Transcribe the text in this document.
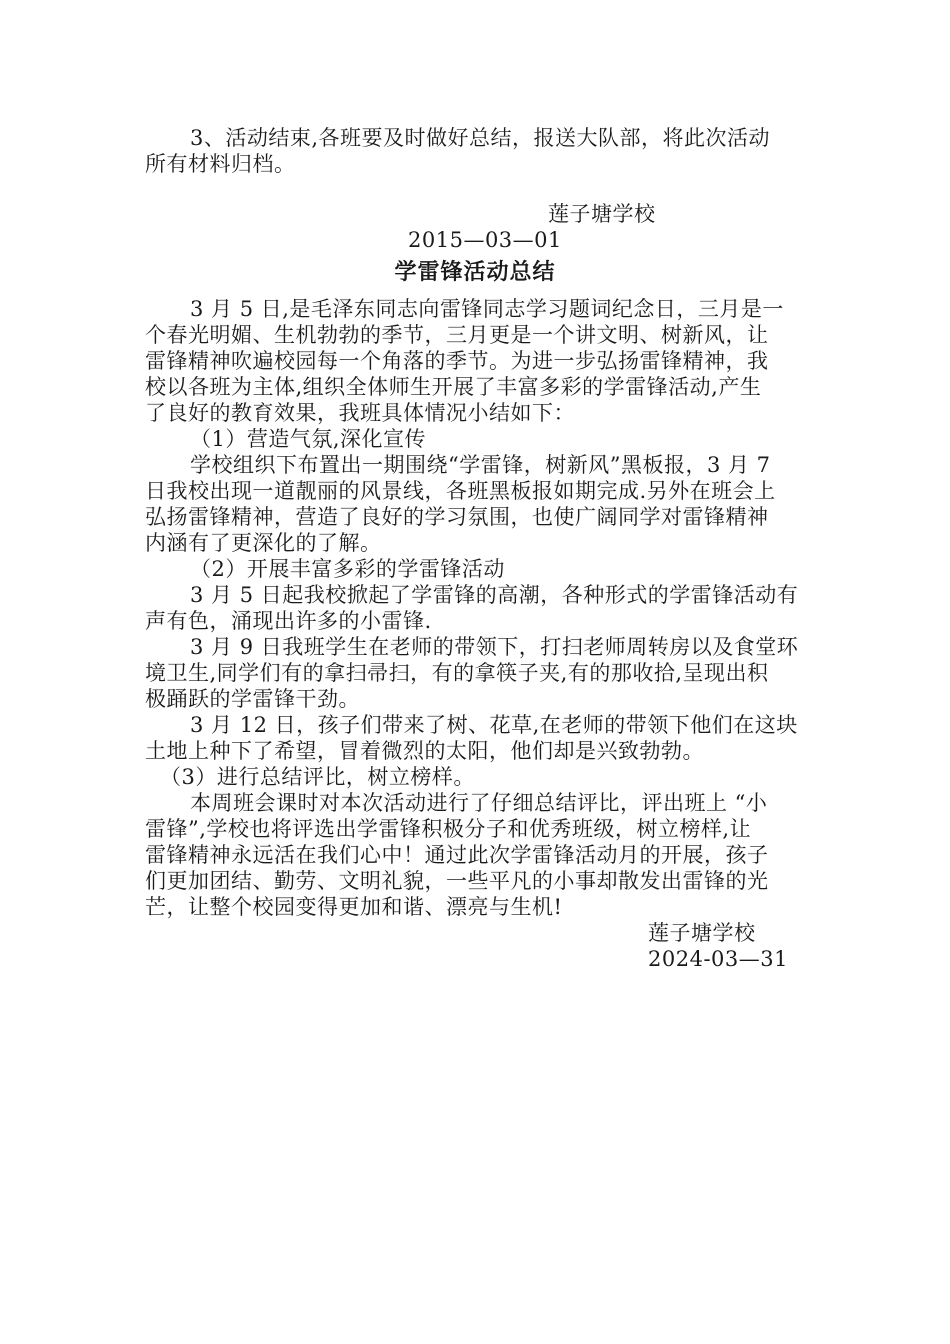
3、活动结束,各班要及时做好总结，报送大队部，将此次活动
所有材料归档。
莲子塘学校
2015—03—01
学雷锋活动总结
3 月 5 日,是毛泽东同志向雷锋同志学习题词纪念日，三月是一
个春光明媚、生机勃勃的季节，三月更是一个讲文明、树新风，让
雷锋精神吹遍校园每一个角落的季节。为进一步弘扬雷锋精神，我
校以各班为主体,组织全体师生开展了丰富多彩的学雷锋活动,产生
了良好的教育效果，我班具体情况小结如下：
（1）营造气氛,深化宣传
学校组织下布置出一期围绕“学雷锋，树新风”黑板报，3 月 7
日我校出现一道靓丽的风景线，各班黑板报如期完成.另外在班会上
弘扬雷锋精神，营造了良好的学习氛围，也使广阔同学对雷锋精神
内涵有了更深化的了解。
（2）开展丰富多彩的学雷锋活动
3 月 5 日起我校掀起了学雷锋的高潮，各种形式的学雷锋活动有
声有色，涌现出许多的小雷锋.
3 月 9 日我班学生在老师的带领下，打扫老师周转房以及食堂环
境卫生,同学们有的拿扫帚扫，有的拿筷子夹,有的那收拾,呈现出积
极踊跃的学雷锋干劲。
3 月 12 日，孩子们带来了树、花草,在老师的带领下他们在这块
土地上种下了希望，冒着微烈的太阳，他们却是兴致勃勃。
（3）进行总结评比，树立榜样。
本周班会课时对本次活动进行了仔细总结评比，评出班上 “小
雷锋”,学校也将评选出学雷锋积极分子和优秀班级，树立榜样,让
雷锋精神永远活在我们心中！通过此次学雷锋活动月的开展，孩子
们更加团结、勤劳、文明礼貌，一些平凡的小事却散发出雷锋的光
芒，让整个校园变得更加和谐、漂亮与生机!
莲子塘学校
2024-03—31
